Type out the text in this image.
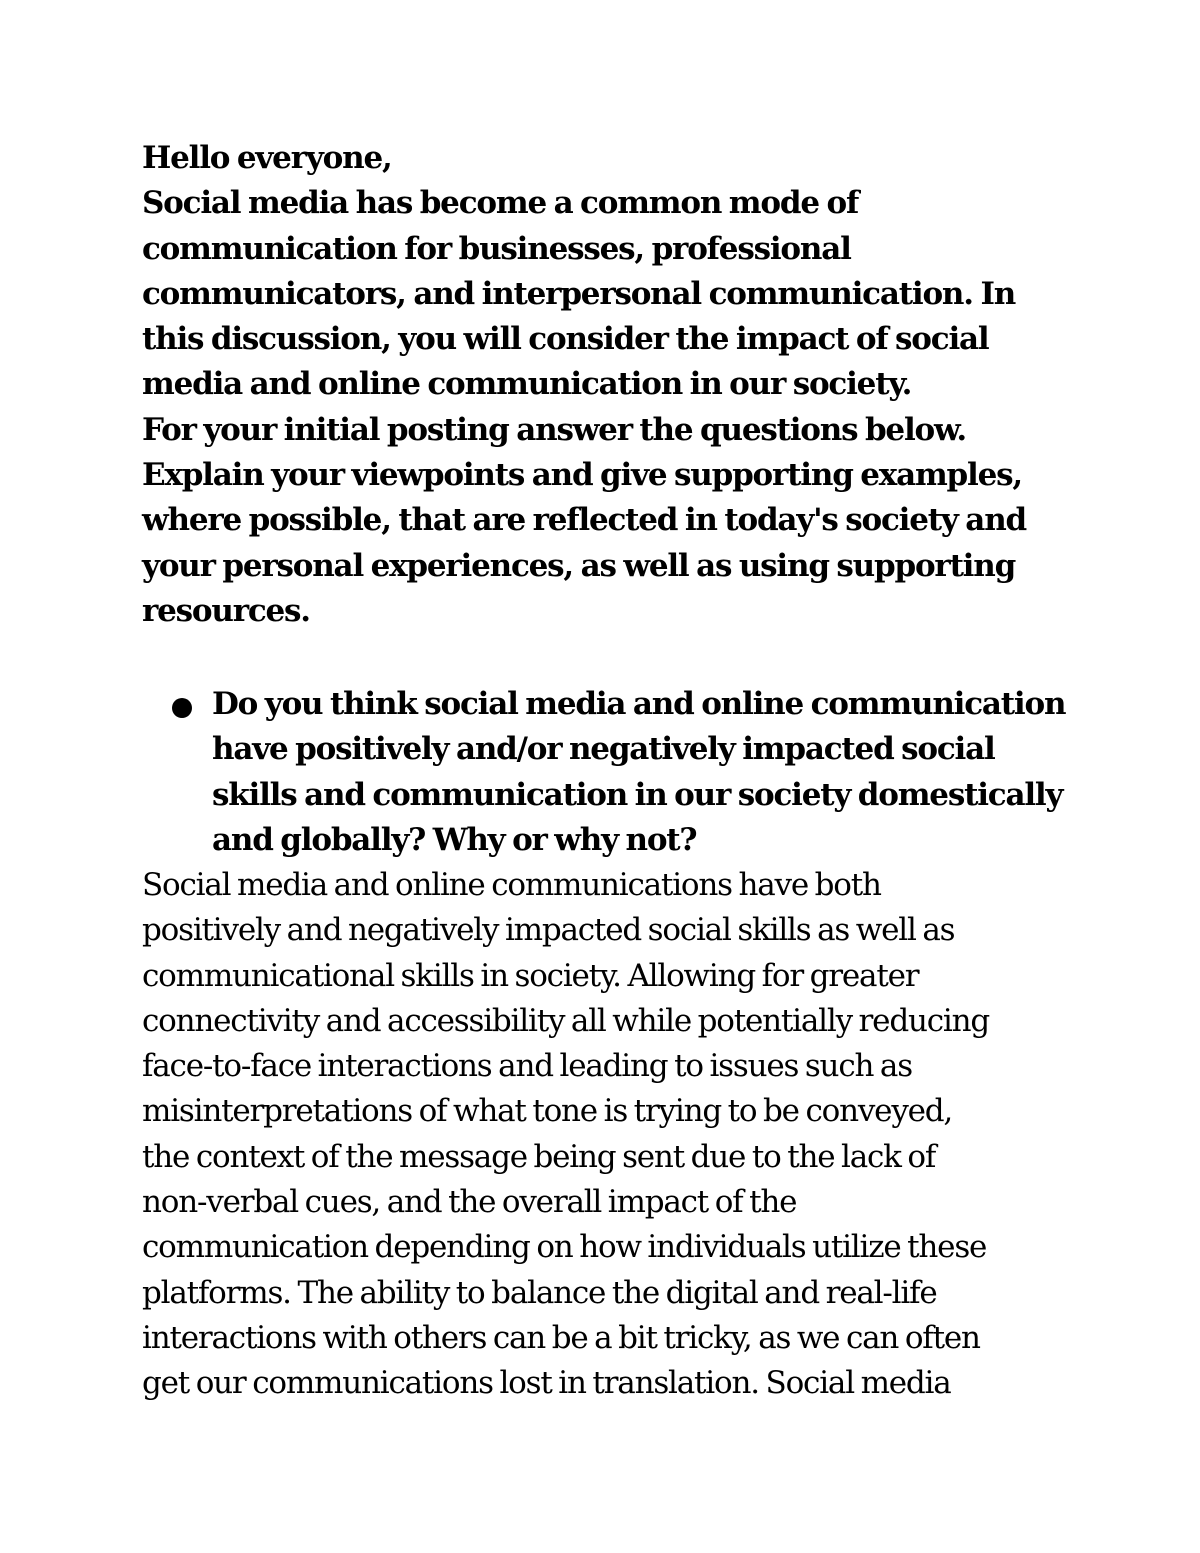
Hello everyone,
Social media has become a common mode of
communication for businesses, professional
communicators, and interpersonal communication. In
this discussion, you will consider the impact of social
media and online communication in our society.
For your initial posting answer the questions below.
Explain your viewpoints and give supporting examples,
where possible, that are reflected in today's society and
your personal experiences, as well as using supporting
resources.
Do you think social media and online communication
have positively and/or negatively impacted social
skills and communication in our society domestically
and globally? Why or why not?
Social media and online communications have both
positively and negatively impacted social skills as well as
communicational skills in society. Allowing for greater
connectivity and accessibility all while potentially reducing
face-to-face interactions and leading to issues such as
misinterpretations of what tone is trying to be conveyed,
the context of the message being sent due to the lack of
non-verbal cues, and the overall impact of the
communication depending on how individuals utilize these
platforms. The ability to balance the digital and real-life
interactions with others can be a bit tricky, as we can often
get our communications lost in translation. Social media
